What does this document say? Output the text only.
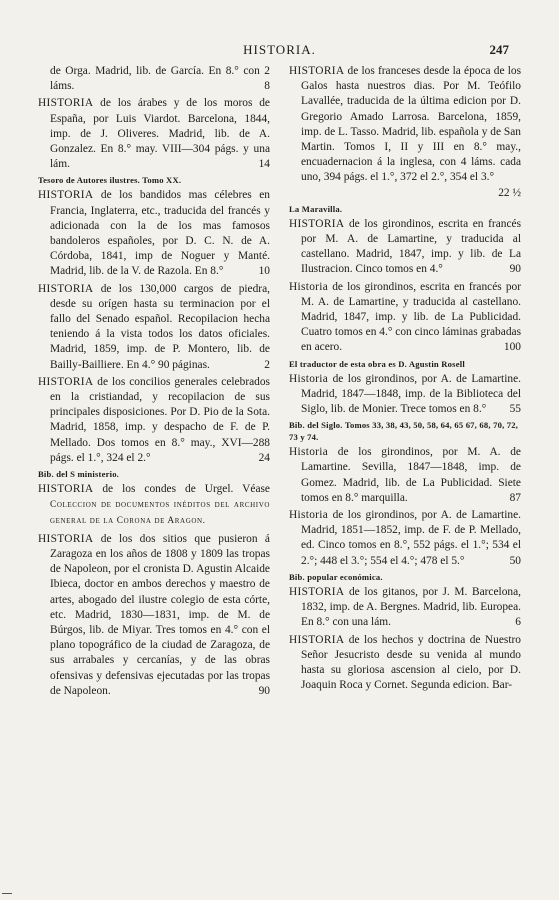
HISTORIA.	247
de Orga. Madrid, lib. de García. En 8.° con 2 láms.	8
HISTORIA de los árabes y de los moros de España, por Luis Viardot. Barcelona, 1844, imp. de J. Oliveres. Madrid, lib. de A. Gonzalez. En 8.° may. VIII—304 págs. y una lám.	14
Tesoro de Autores ilustres. Tomo XX.
HISTORIA de los bandidos mas célebres en Francia, Inglaterra, etc., traducida del francés y adicionada con la de los mas famosos bandoleros españoles, por D. C. N. de A. Córdoba, 1841, imp de Noguer y Manté. Madrid, lib. de la V. de Razola. En 8.°	10
HISTORIA de los 130,000 cargos de piedra, desde su orígen hasta su terminacion por el fallo del Senado español. Recopilacion hecha teniendo á la vista todos los datos oficiales. Madrid, 1859, imp. de P. Montero, lib. de Bailly-Bailliere. En 4.° 90 páginas.	2
HISTORIA de los concilios generales celebrados en la cristiandad, y recopilacion de sus principales disposiciones. Por D. Pio de la Sota. Madrid, 1858, imp. y despacho de F. de P. Mellado. Dos tomos en 8.° may., XVI—288 págs. el 1.°, 324 el 2.°	24
Bib. del S ministerio.
HISTORIA de los condes de Urgel. Véase Coleccion de documentos inéditos del archivo general de la Corona de Aragon.
HISTORIA de los dos sitios que pusieron á Zaragoza en los años de 1808 y 1809 las tropas de Napoleon, por el cronista D. Agustin Alcaide Ibieca, doctor en ambos derechos y maestro de artes, abogado del ilustre colegio de esta córte, etc. Madrid, 1830—1831, imp. de M. de Búrgos, lib. de Miyar. Tres tomos en 4.° con el plano topográfico de la ciudad de Zaragoza, de sus arrabales y cercanías, y de las obras ofensivas y defensivas ejecutadas por las tropas de Napoleon.	90
HISTORIA de los franceses desde la época de los Galos hasta nuestros dias. Por M. Teófilo Lavallée, traducida de la última edicion por D. Gregorio Amado Larrosa. Barcelona, 1859, imp. de L. Tasso. Madrid, lib. española y de San Martin. Tomos I, II y III en 8.° may., encuadernacion á la inglesa, con 4 láms. cada uno, 394 págs. el 1.°, 372 el 2.°, 354 el 3.°
22 ½
La Maravilla.
HISTORIA de los girondinos, escrita en francés por M. A. de Lamartine, y traducida al castellano. Madrid, 1847, imp. y lib. de La Ilustracion. Cinco tomos en 4.°	90
Historia de los girondinos, escrita en francés por M. A. de Lamartine, y traducida al castellano. Madrid, 1847, imp. y lib. de La Publicidad. Cuatro tomos en 4.° con cinco láminas grabadas en acero.	100
El traductor de esta obra es D. Agustin Rosell
Historia de los girondinos, por A. de Lamartine. Madrid, 1847—1848, imp. de la Biblioteca del Siglo, lib. de Monier. Trece tomos en 8.°	55
Bib. del Siglo. Tomos 33, 38, 43, 50, 58, 64, 65 67, 68, 70, 72, 73 y 74.
Historia de los girondinos, por M. A. de Lamartine. Sevilla, 1847—1848, imp. de Gomez. Madrid, lib. de La Publicidad. Siete tomos en 8.° marquilla.	87
Historia de los girondinos, por A. de Lamartine. Madrid, 1851—1852, imp. de F. de P. Mellado, ed. Cinco tomos en 8.°, 552 págs. el 1.°; 534 el 2.°; 448 el 3.°; 554 el 4.°; 478 el 5.°	50
Bib. popular económica.
HISTORIA de los gitanos, por J. M. Barcelona, 1832, imp. de A. Bergnes. Madrid, lib. Europea. En 8.° con una lám.	6
HISTORIA de los hechos y doctrina de Nuestro Señor Jesucristo desde su venida al mundo hasta su gloriosa ascension al cielo, por D. Joaquin Roca y Cornet. Segunda edicion. Bar-
